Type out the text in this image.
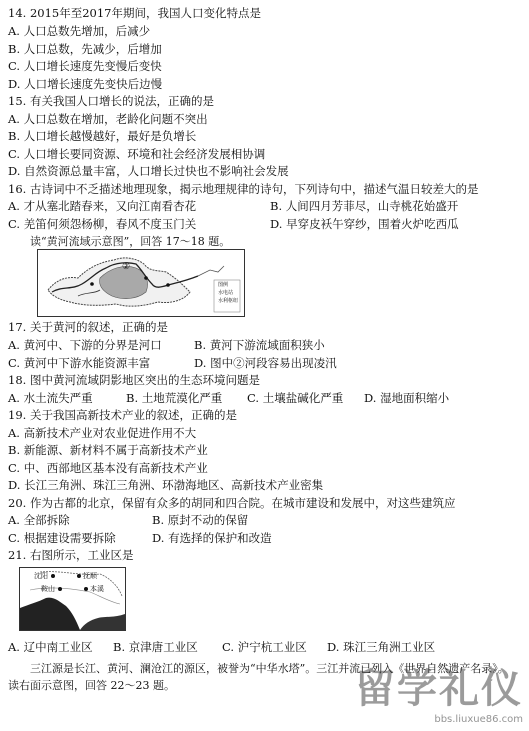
14. 2015年至2017年期间，我国人口变化特点是
A. 人口总数先增加，后减少
B. 人口总数，先减少，后增加
C. 人口增长速度先变慢后变快
D. 人口增长速度先变快后边慢
15. 有关我国人口增长的说法，正确的是
A. 人口总数在增加，老龄化问题不突出
B. 人口增长越慢越好，最好是负增长
C. 人口增长要同资源、环境和社会经济发展相协调
D. 自然资源总量丰富，人口增长过快也不影响社会发展
16. 古诗词中不乏描述地理现象，揭示地理规律的诗句，下列诗句中，描述气温日较差大的是
A. 才从塞北踏春来，又向江南看杏花	B. 人间四月芳菲尽，山寺桃花始盛开
C. 羌笛何须怨杨柳，春风不度玉门关	D. 早穿皮袄午穿纱，围着火炉吃西瓜
读“黄河流域示意图”，回答 17～18 题。
②
图例
水电站
水利枢纽
17. 关于黄河的叙述，正确的是
A. 黄河中、下游的分界是河口	B. 黄河下游流域面积狭小
C. 黄河中下游水能资源丰富	D. 图中②河段容易出现凌汛
18. 图中黄河流域阴影地区突出的生态环境问题是
A. 水土流失严重	B. 土地荒漠化严重 C. 土壤盐碱化严重 D. 湿地面积缩小
19. 关于我国高新技术产业的叙述，正确的是
A. 高新技术产业对农业促进作用不大
B. 新能源、新材料不属于高新技术产业
C. 中、西部地区基本没有高新技术产业
D. 长江三角洲、珠江三角洲、环渤海地区、高新技术产业密集
20. 作为古都的北京，保留有众多的胡同和四合院。在城市建设和发展中，对这些建筑应
A. 全部拆除	B. 原封不动的保留
C. 根据建设需要拆除	D. 有选择的保护和改造
21. 右图所示，工业区是
沈阳	抚顺
鞍山	本溪
A. 辽中南工业区 B. 京津唐工业区 C. 沪宁杭工业区 D. 珠江三角洲工业区
三江源是长江、黄河、澜沧江的源区，被誉为“中华水塔”。三江并流已列入《世界自然遗产名录》。
读右面示意图，回答 22～23 题。	留学礼仪
bbs.liuxue86.com
